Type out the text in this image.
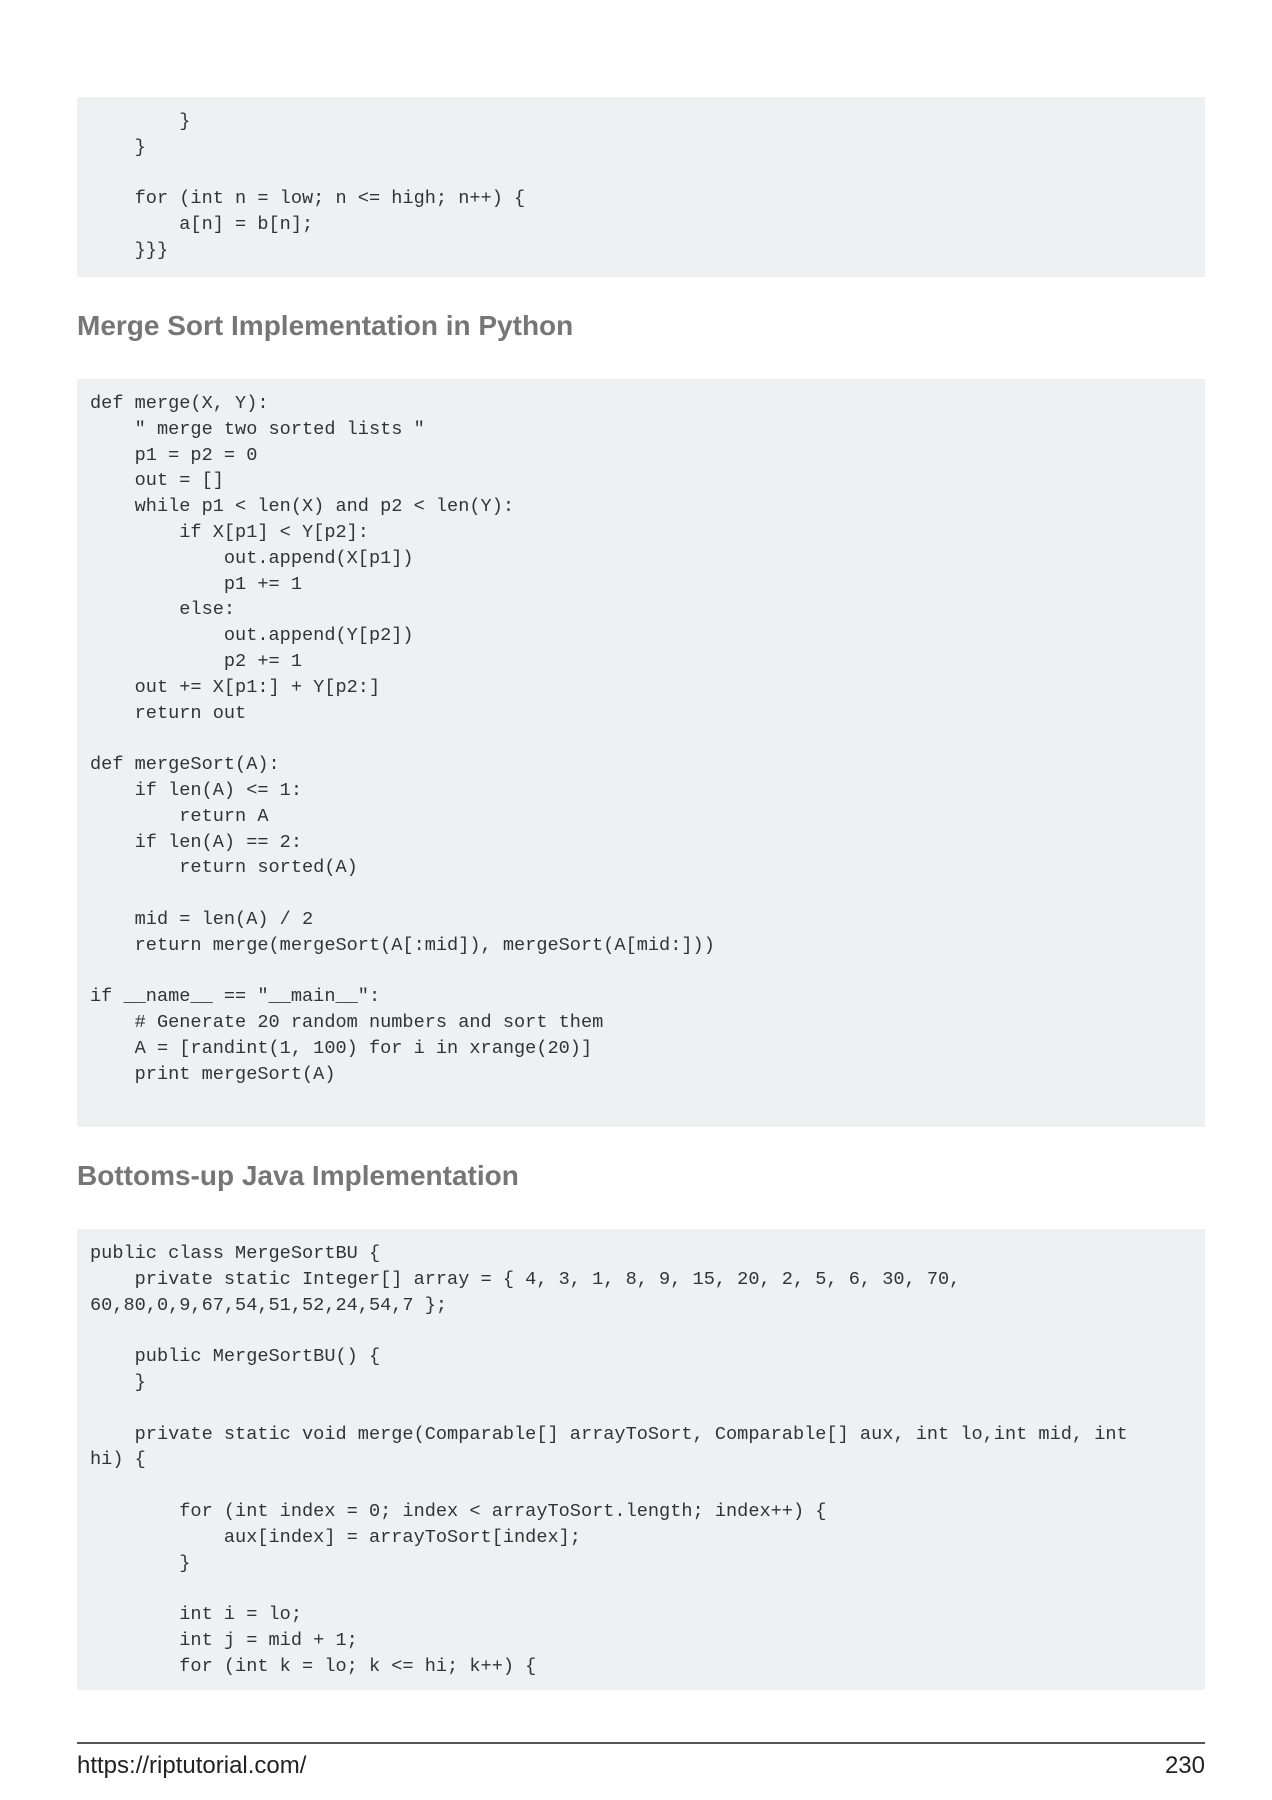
}
}
for (int n = low; n <= high; n++) {
a[n] = b[n];
}}}
Merge Sort Implementation in Python
def merge(X, Y):
" merge two sorted lists "
p1 = p2 = 0
out = []
while p1 < len(X) and p2 < len(Y):
if X[p1] < Y[p2]:
out.append(X[p1])
p1 += 1
else:
out.append(Y[p2])
p2 += 1
out += X[p1:] + Y[p2:]
return out
def mergeSort(A):
if len(A) <= 1:
return A
if len(A) == 2:
return sorted(A)
mid = len(A) / 2
return merge(mergeSort(A[:mid]), mergeSort(A[mid:]))
if __name__ == "__main__":
# Generate 20 random numbers and sort them
A = [randint(1, 100) for i in xrange(20)]
print mergeSort(A)
Bottoms-up Java Implementation
public class MergeSortBU {
private static Integer[] array = { 4, 3, 1, 8, 9, 15, 20, 2, 5, 6, 30, 70,
60,80,0,9,67,54,51,52,24,54,7 };
public MergeSortBU() {
}
private static void merge(Comparable[] arrayToSort, Comparable[] aux, int lo,int mid, int
hi) {
for (int index = 0; index < arrayToSort.length; index++) {
aux[index] = arrayToSort[index];
}
int i = lo;
int j = mid + 1;
for (int k = lo; k <= hi; k++) {
https://riptutorial.com/	230
